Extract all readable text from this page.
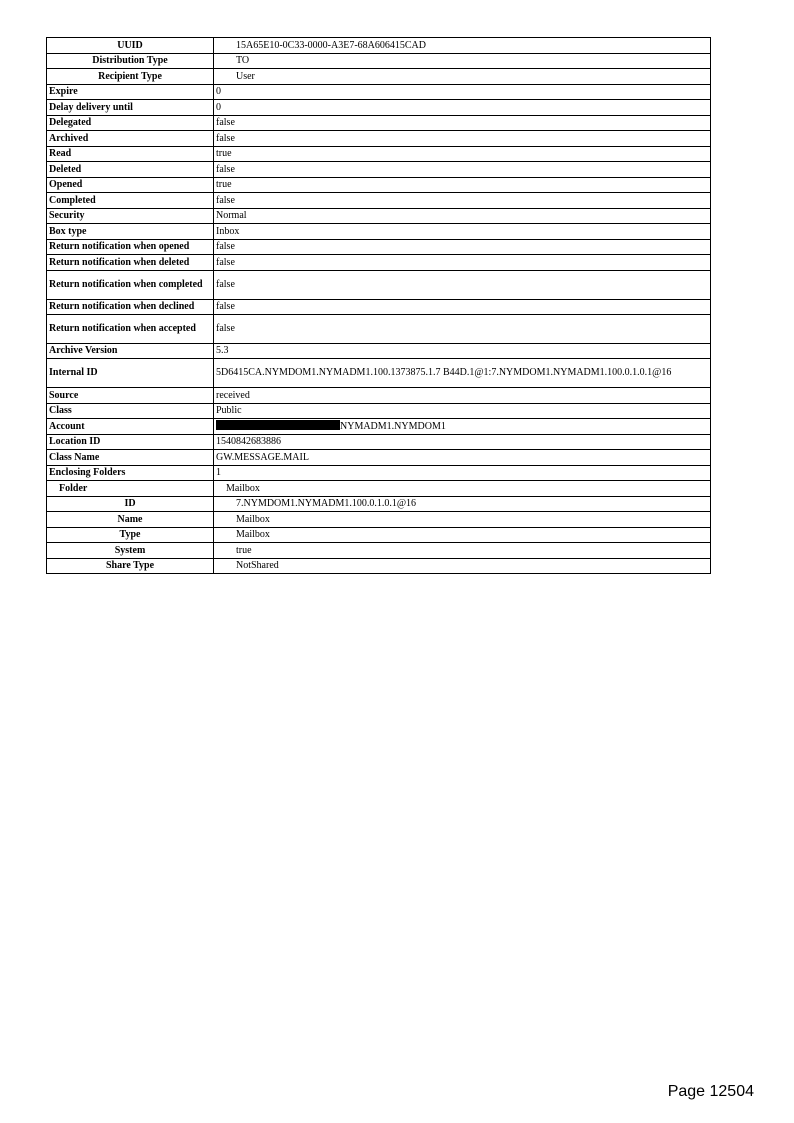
UUID	15A65E10-0C33-0000-A3E7-68A606415CAD
Distribution Type	TO
Recipient Type	User
Expire	0
Delay delivery until	0
Delegated	false
Archived	false
Read	true
Deleted	false
Opened	true
Completed	false
Security	Normal
Box type	Inbox
Return notification when opened	false
Return notification when deleted	false
Return notification when completed	false
Return notification when declined	false
Return notification when accepted	false
Archive Version	5.3
Internal ID	5D6415CA.NYMDOM1.NYMADM1.100.1373875.1.7 B44D.1@1:7.NYMDOM1.NYMADM1.100.0.1.0.1@16
Source	received
Class	Public
Account	NYMADM1.NYMDOM1
Location ID	1540842683886
Class Name	GW.MESSAGE.MAIL
Enclosing Folders	1
Folder	Mailbox
ID	7.NYMDOM1.NYMADM1.100.0.1.0.1@16
Name	Mailbox
Type	Mailbox
System	true
Share Type	NotShared
Page 12504
